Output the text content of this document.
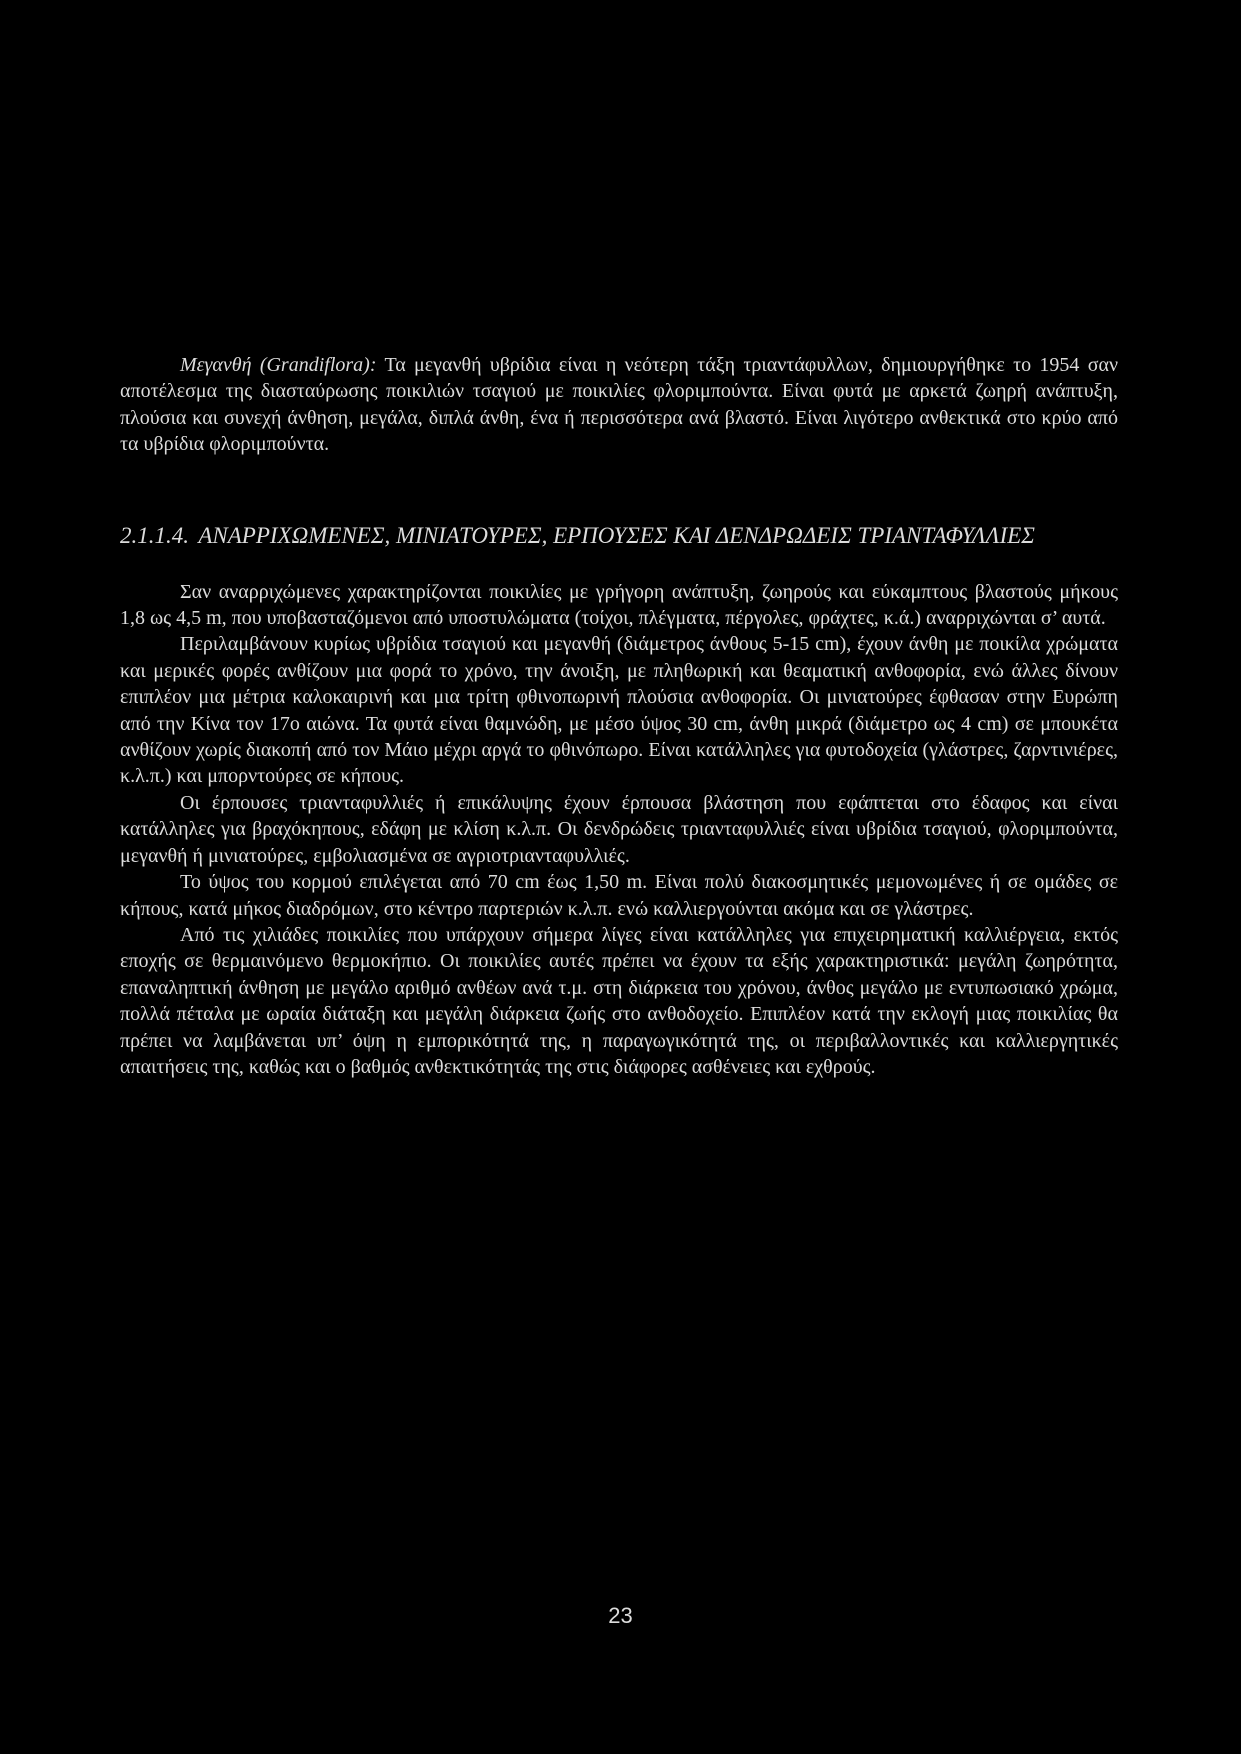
Μεγανθή (Grandiflora): Τα μεγανθή υβρίδια είναι η νεότερη τάξη τριαντάφυλλων, δημιουργήθηκε το 1954 σαν αποτέλεσμα της διασταύρωσης ποικιλιών τσαγιού με ποικιλίες φλοριμπούντα. Είναι φυτά με αρκετά ζωηρή ανάπτυξη, πλούσια και συνεχή άνθηση, μεγάλα, διπλά άνθη, ένα ή περισσότερα ανά βλαστό. Είναι λιγότερο ανθεκτικά στο κρύο από τα υβρίδια φλοριμπούντα.

2.1.1.4. ΑΝΑΡΡΙΧΩΜΕΝΕΣ, ΜΙΝΙΑΤΟΥΡΕΣ, ΕΡΠΟΥΣΕΣ ΚΑΙ ΔΕΝΔΡΩΔΕΙΣ ΤΡΙΑΝΤΑΦΥΛΛΙΕΣ

Σαν αναρριχώμενες χαρακτηρίζονται ποικιλίες με γρήγορη ανάπτυξη, ζωηρούς και εύκαμπτους βλαστούς μήκους 1,8 ως 4,5 m, που υποβασταζόμενοι από υποστυλώματα (τοίχοι, πλέγματα, πέργολες, φράχτες, κ.ά.) αναρριχώνται σ’ αυτά.

Περιλαμβάνουν κυρίως υβρίδια τσαγιού και μεγανθή (διάμετρος άνθους 5-15 cm), έχουν άνθη με ποικίλα χρώματα και μερικές φορές ανθίζουν μια φορά το χρόνο, την άνοιξη, με πληθωρική και θεαματική ανθοφορία, ενώ άλλες δίνουν επιπλέον μια μέτρια καλοκαιρινή και μια τρίτη φθινοπωρινή πλούσια ανθοφορία. Οι μινιατούρες έφθασαν στην Ευρώπη από την Κίνα τον 17ο αιώνα. Τα φυτά είναι θαμνώδη, με μέσο ύψος 30 cm, άνθη μικρά (διάμετρο ως 4 cm) σε μπουκέτα ανθίζουν χωρίς διακοπή από τον Μάιο μέχρι αργά το φθινόπωρο. Είναι κατάλληλες για φυτοδοχεία (γλάστρες, ζαρντινιέρες, κ.λ.π.) και μπορντούρες σε κήπους.

Οι έρπουσες τριανταφυλλιές ή επικάλυψης έχουν έρπουσα βλάστηση που εφάπτεται στο έδαφος και είναι κατάλληλες για βραχόκηπους, εδάφη με κλίση κ.λ.π. Οι δενδρώδεις τριανταφυλλιές είναι υβρίδια τσαγιού, φλοριμπούντα, μεγανθή ή μινιατούρες, εμβολιασμένα σε αγριοτριανταφυλλιές.

Το ύψος του κορμού επιλέγεται από 70 cm έως 1,50 m. Είναι πολύ διακοσμητικές μεμονωμένες ή σε ομάδες σε κήπους, κατά μήκος διαδρόμων, στο κέντρο παρτεριών κ.λ.π. ενώ καλλιεργούνται ακόμα και σε γλάστρες.

Από τις χιλιάδες ποικιλίες που υπάρχουν σήμερα λίγες είναι κατάλληλες για επιχειρηματική καλλιέργεια, εκτός εποχής σε θερμαινόμενο θερμοκήπιο. Οι ποικιλίες αυτές πρέπει να έχουν τα εξής χαρακτηριστικά: μεγάλη ζωηρότητα, επαναληπτική άνθηση με μεγάλο αριθμό ανθέων ανά τ.μ. στη διάρκεια του χρόνου, άνθος μεγάλο με εντυπωσιακό χρώμα, πολλά πέταλα με ωραία διάταξη και μεγάλη διάρκεια ζωής στο ανθοδοχείο. Επιπλέον κατά την εκλογή μιας ποικιλίας θα πρέπει να λαμβάνεται υπ’ όψη η εμπορικότητά της, η παραγωγικότητά της, οι περιβαλλοντικές και καλλιεργητικές απαιτήσεις της, καθώς και ο βαθμός ανθεκτικότητάς της στις διάφορες ασθένειες και εχθρούς.

23
